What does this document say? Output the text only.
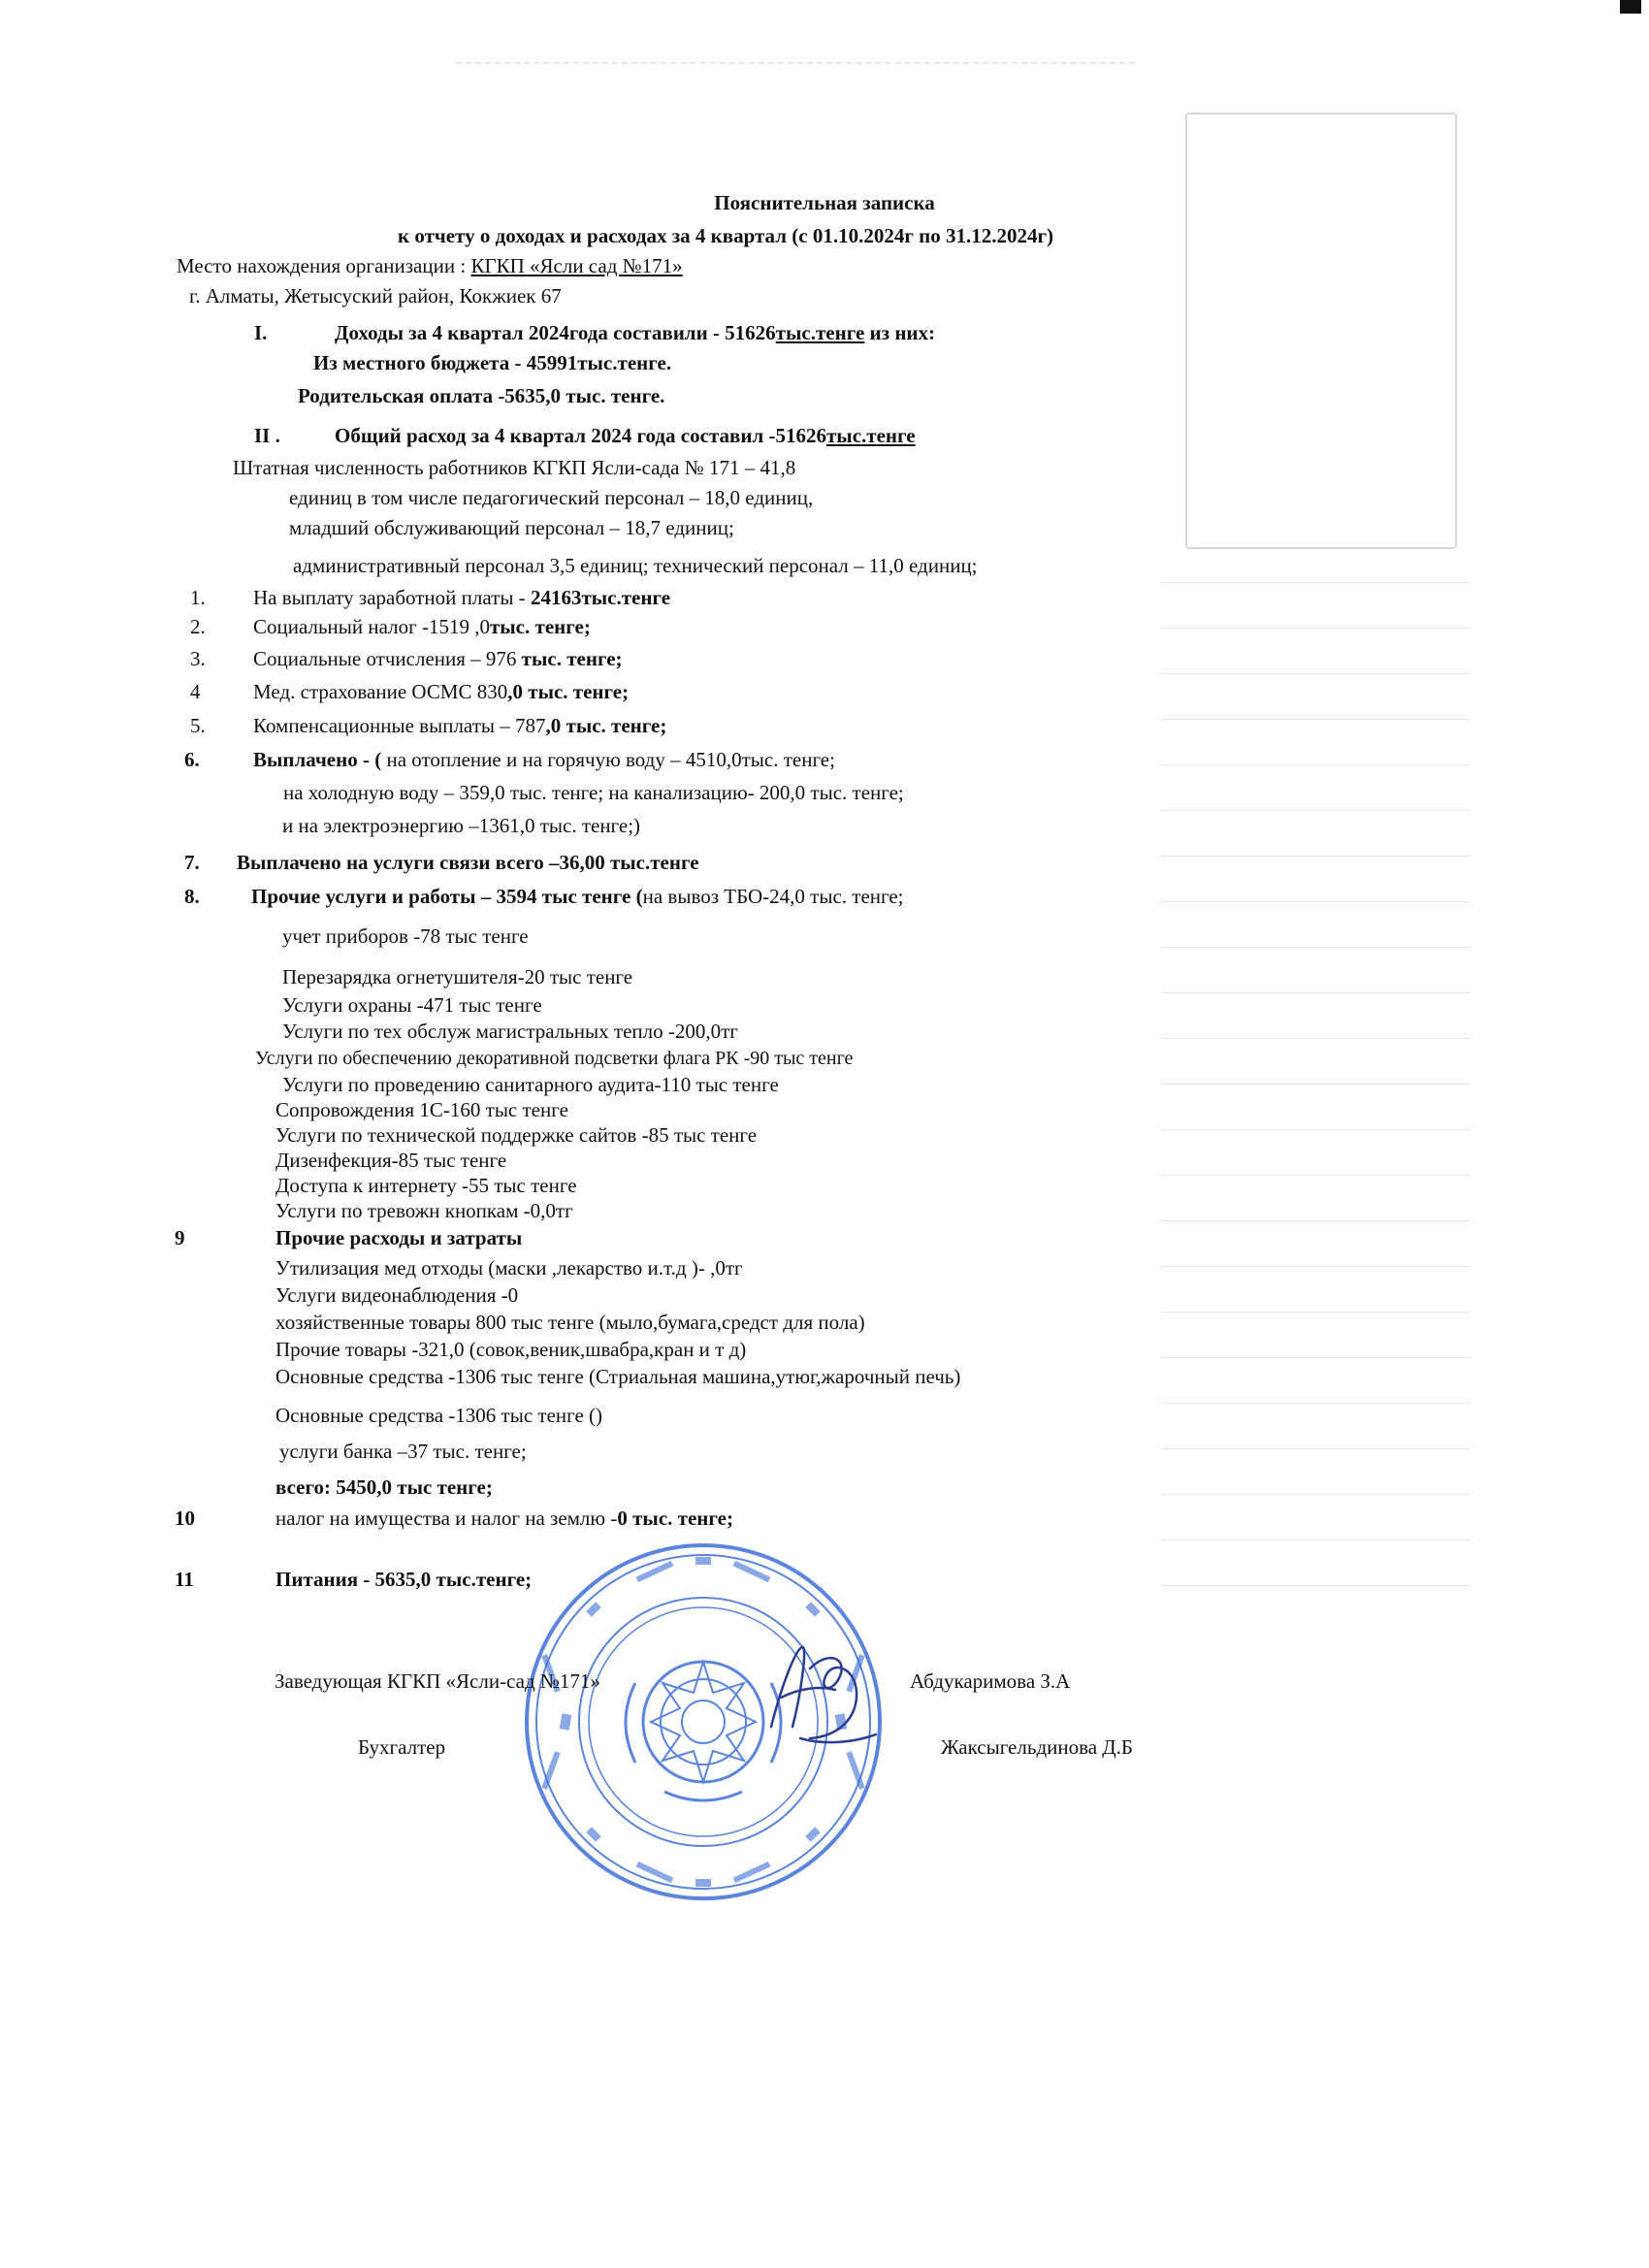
Пояснительная записка
к отчету о доходах и расходах за 4 квартал (с 01.10.2024г по 31.12.2024г)
Место нахождения организации : КГКП «Ясли сад №171»
г. Алматы, Жетысуский район, Кокжиек 67
I.	Доходы за 4 квартал 2024года составили - 51626тыс.тенге из них:
Из местного бюджета - 45991тыс.тенге.
Родительская оплата -5635,0 тыс. тенге.
II .	Общий расход за 4 квартал 2024 года составил -51626тыс.тенге
Штатная численность работников КГКП Ясли-сада № 171 – 41,8
единиц в том числе педагогический персонал – 18,0 единиц,
младший обслуживающий персонал – 18,7 единиц;
административный персонал 3,5 единиц; технический персонал – 11,0 единиц;
1. На выплату заработной платы - 24163тыс.тенге
2. Социальный налог -1519 ,0тыс. тенге;
3. Социальные отчисления – 976 тыс. тенге;
4	Мед. страхование ОСМС 830,0 тыс. тенге;
5. Компенсационные выплаты – 787,0 тыс. тенге;
6.	Выплачено - ( на отопление и на горячую воду – 4510,0тыс. тенге;
на холодную воду – 359,0 тыс. тенге; на канализацию- 200,0 тыс. тенге;
и на электроэнергию –1361,0 тыс. тенге;)
7. Выплачено на услуги связи всего –36,00 тыс.тенге
8.	Прочие услуги и работы – 3594 тыс тенге (на вывоз ТБО-24,0 тыс. тенге;
учет приборов -78 тыс тенге
Перезарядка огнетушителя-20 тыс тенге
Услуги охраны -471 тыс тенге
Услуги по тех обслуж магистральных тепло -200,0тг
Услуги по обеспечению декоративной подсветки флага РК -90 тыс тенге
Услуги по проведению санитарного аудита-110 тыс тенге
Сопровождения 1С-160 тыс тенге
Услуги по технической поддержке сайтов -85 тыс тенге
Дизенфекция-85 тыс тенге
Доступа к интернету -55 тыс тенге
Услуги по тревожн кнопкам -0,0тг
9	Прочие расходы и затраты
Утилизация мед отходы (маски ,лекарство и.т.д )- ,0тг
Услуги видеонаблюдения -0
хозяйственные товары 800 тыс тенге (мыло,бумага,средст для пола)
Прочие товары -321,0 (совок,веник,швабра,кран и т д)
Основные средства -1306 тыс тенге (Стриальная машина,утюг,жарочный печь)
Основные средства -1306 тыс тенге ()
услуги банка –37 тыс. тенге;
всего: 5450,0 тыс тенге;
10	налог на имущества и налог на землю -0 тыс. тенге;
11	Питания - 5635,0 тыс.тенге;
Заведующая КГКП «Ясли-сад №171»	Абдукаримова З.А
Бухгалтер	Жаксыгельдинова Д.Б
